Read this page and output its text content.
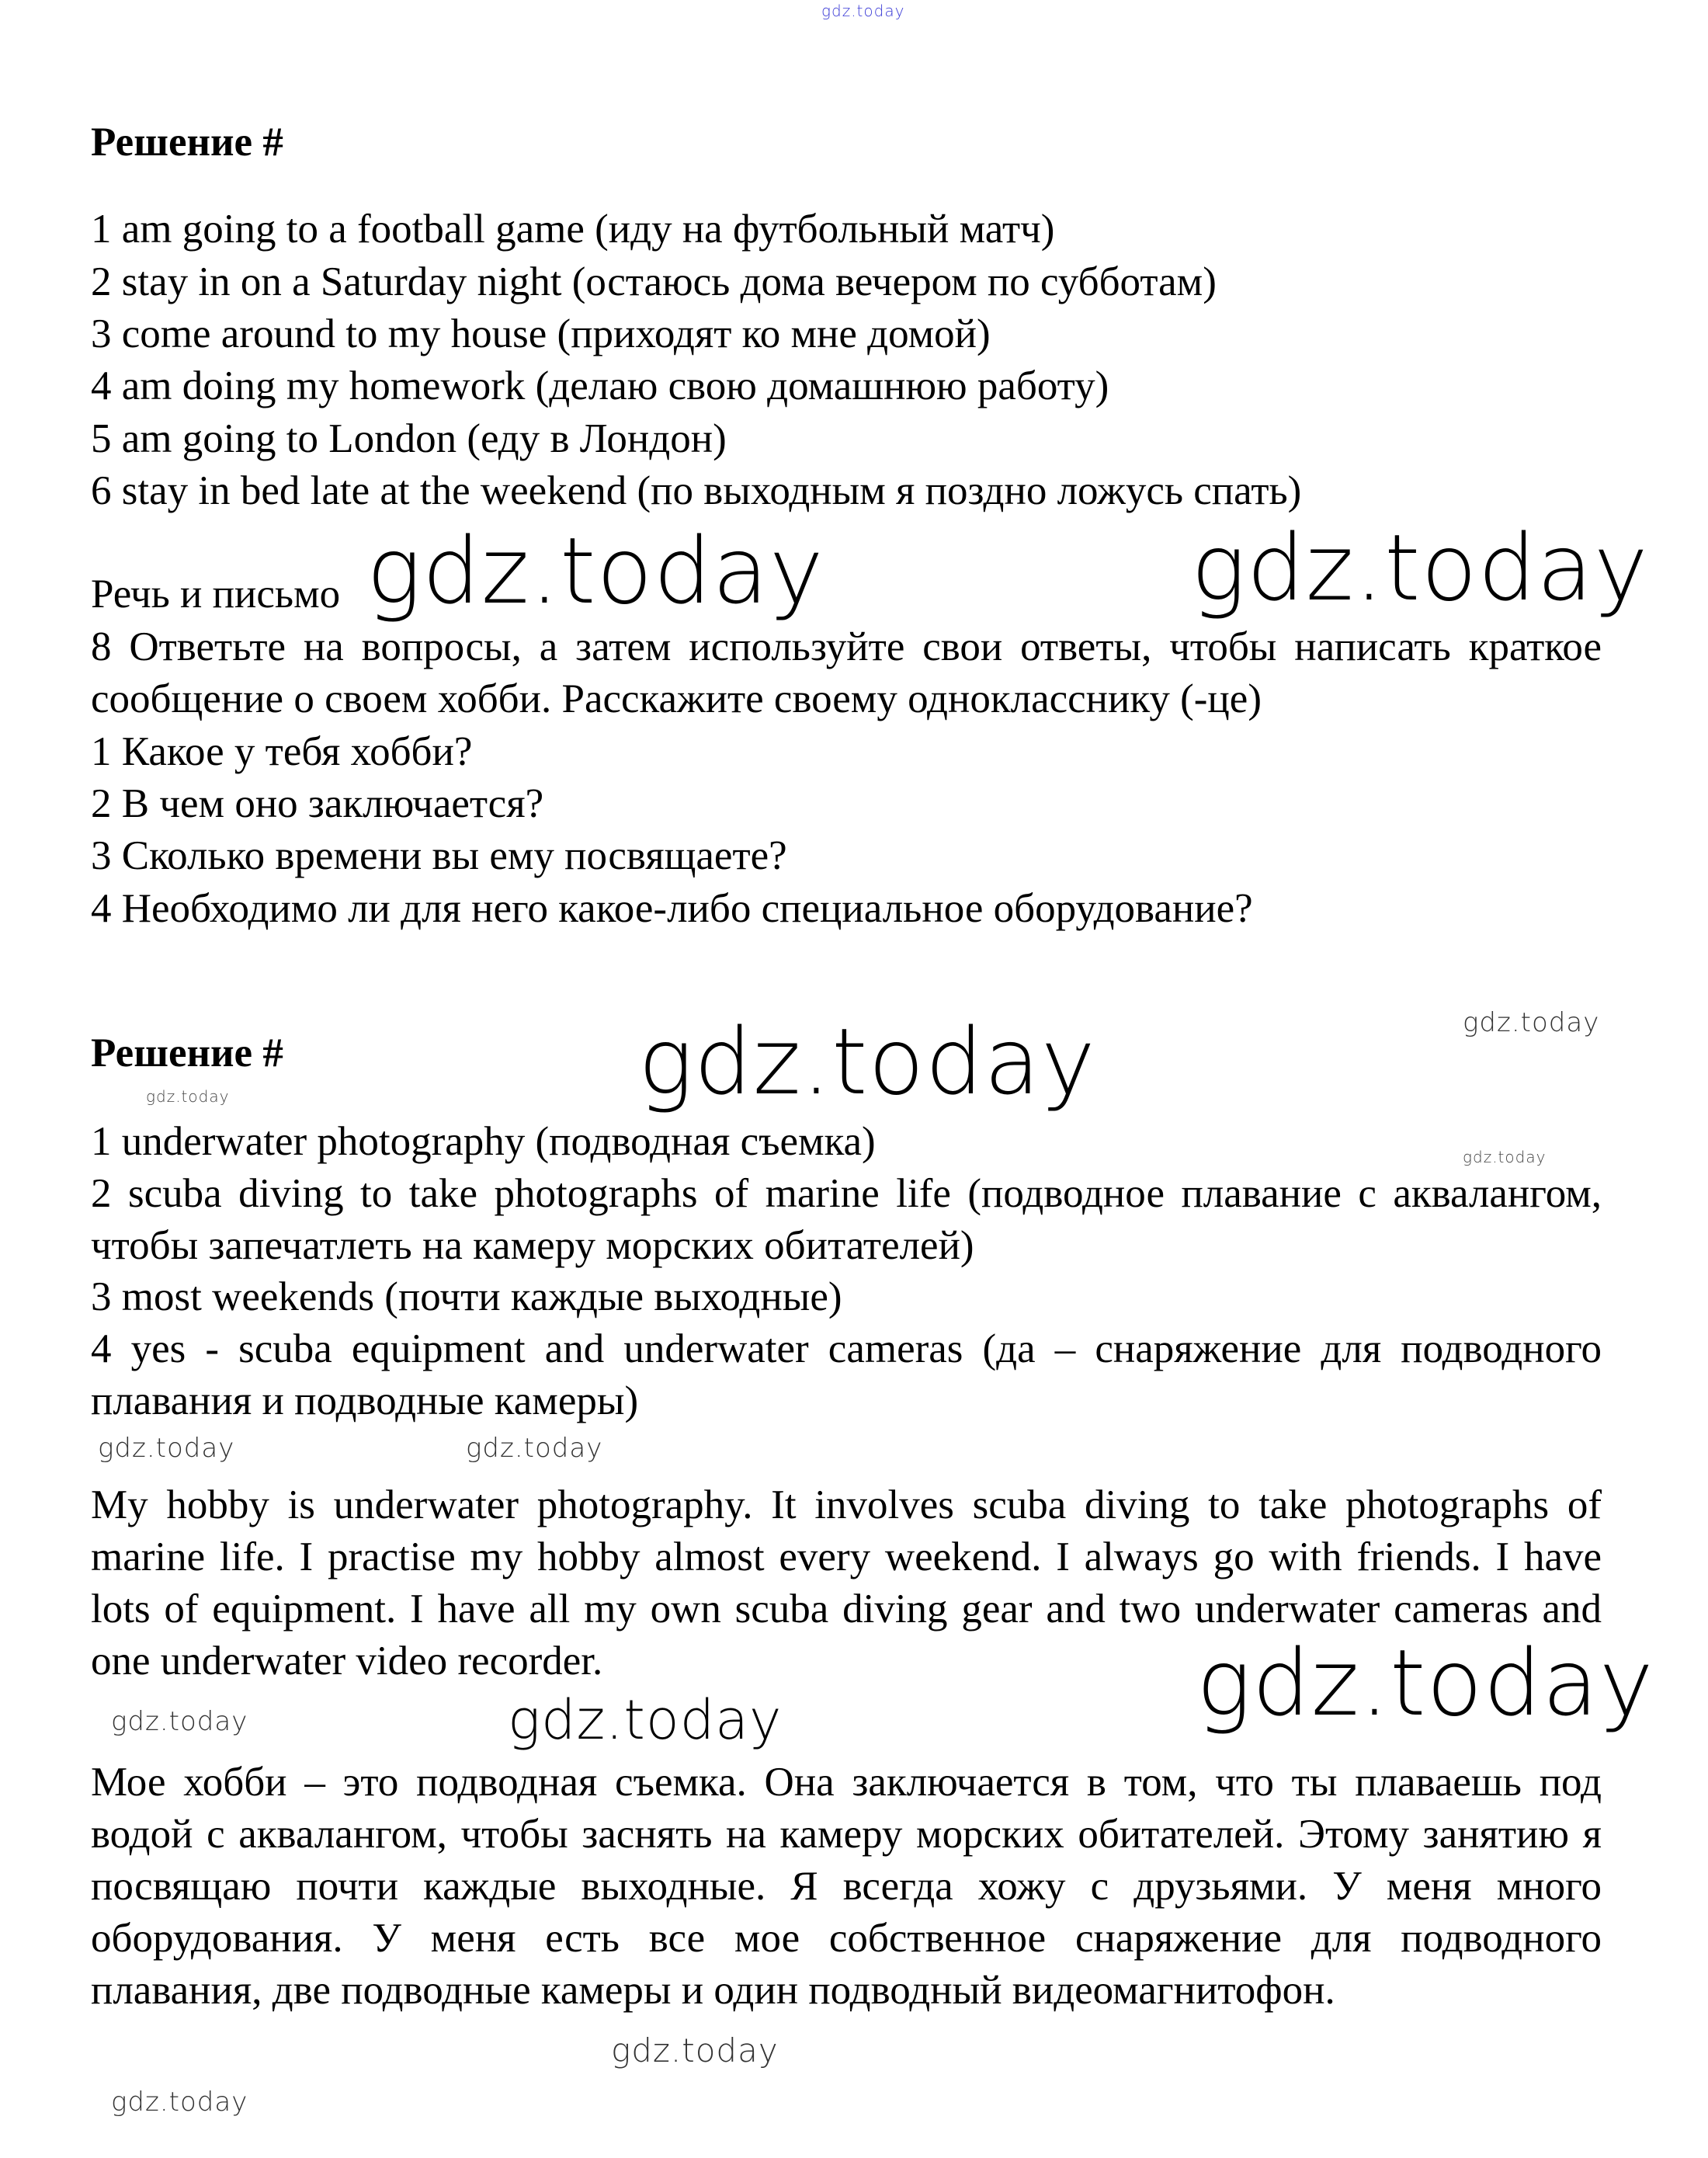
gdz.today
Решение #
1 am going to a football game (иду на футбольный матч)
2 stay in on a Saturday night (остаюсь дома вечером по субботам)
3 come around to my house (приходят ко мне домой)
4 am doing my homework (делаю свою домашнюю работу)
5 am going to London (еду в Лондон)
6 stay in bed late at the weekend (по выходным я поздно ложусь спать)
Речь и письмо
8 Ответьте на вопросы, а затем используйте свои ответы, чтобы написать краткое сообщение о своем хобби. Расскажите своему однокласснику (-це)
1 Какое у тебя хобби?
2 В чем оно заключается?
3 Сколько времени вы ему посвящаете?
4 Необходимо ли для него какое-либо специальное оборудование?
Решение #
1 underwater photography (подводная съемка)
2 scuba diving to take photographs of marine life (подводное плавание с аквалангом, чтобы запечатлеть на камеру морских обитателей)
3 most weekends (почти каждые выходные)
4 yes - scuba equipment and underwater cameras (да – снаряжение для подводного плавания и подводные камеры)
My hobby is underwater photography. It involves scuba diving to take photographs of marine life. I practise my hobby almost every weekend. I always go with friends. I have lots of equipment. I have all my own scuba diving gear and two underwater cameras and one underwater video recorder.
Мое хобби – это подводная съемка. Она заключается в том, что ты плаваешь под водой с аквалангом, чтобы заснять на камеру морских обитателей. Этому занятию я посвящаю почти каждые выходные. Я всегда хожу с друзьями. У меня много оборудования. У меня есть все мое собственное снаряжение для подводного плавания, две подводные камеры и один подводный видеомагнитофон.
gdz.today	gdz.today
gdz.today	gdz.today
gdz.today
gdz.today
gdz.today
gdz.today
gdz.today
gdz.today
gdz.today
gdz.today
gdz.today
